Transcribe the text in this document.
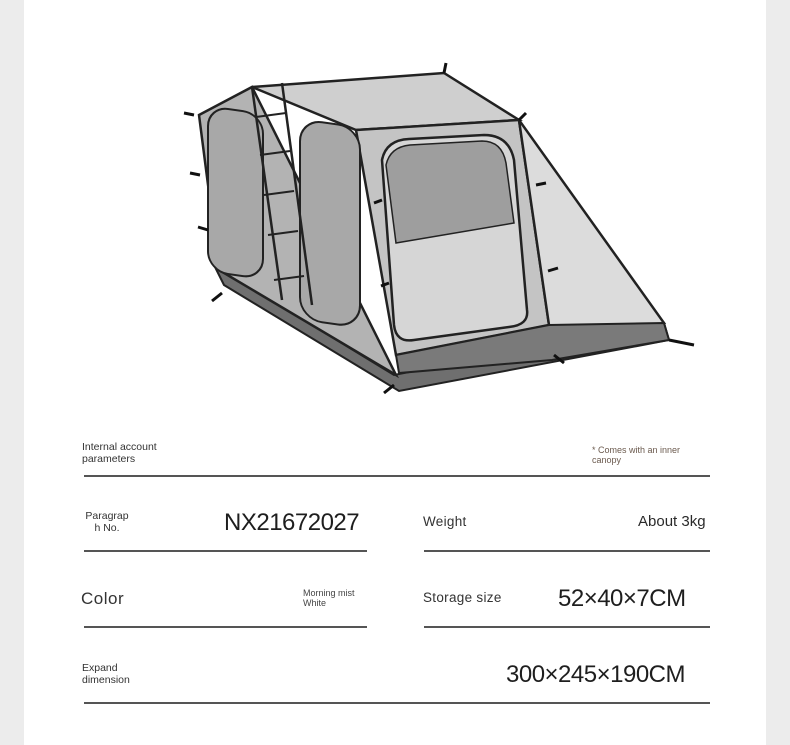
Internal account parameters
* Comes with an inner canopy
Paragrap h No.	NX21672027	Weight	About 3kg
Color	Morning mist White	Storage size 52×40×7CM
Expand dimension	300×245×190CM
